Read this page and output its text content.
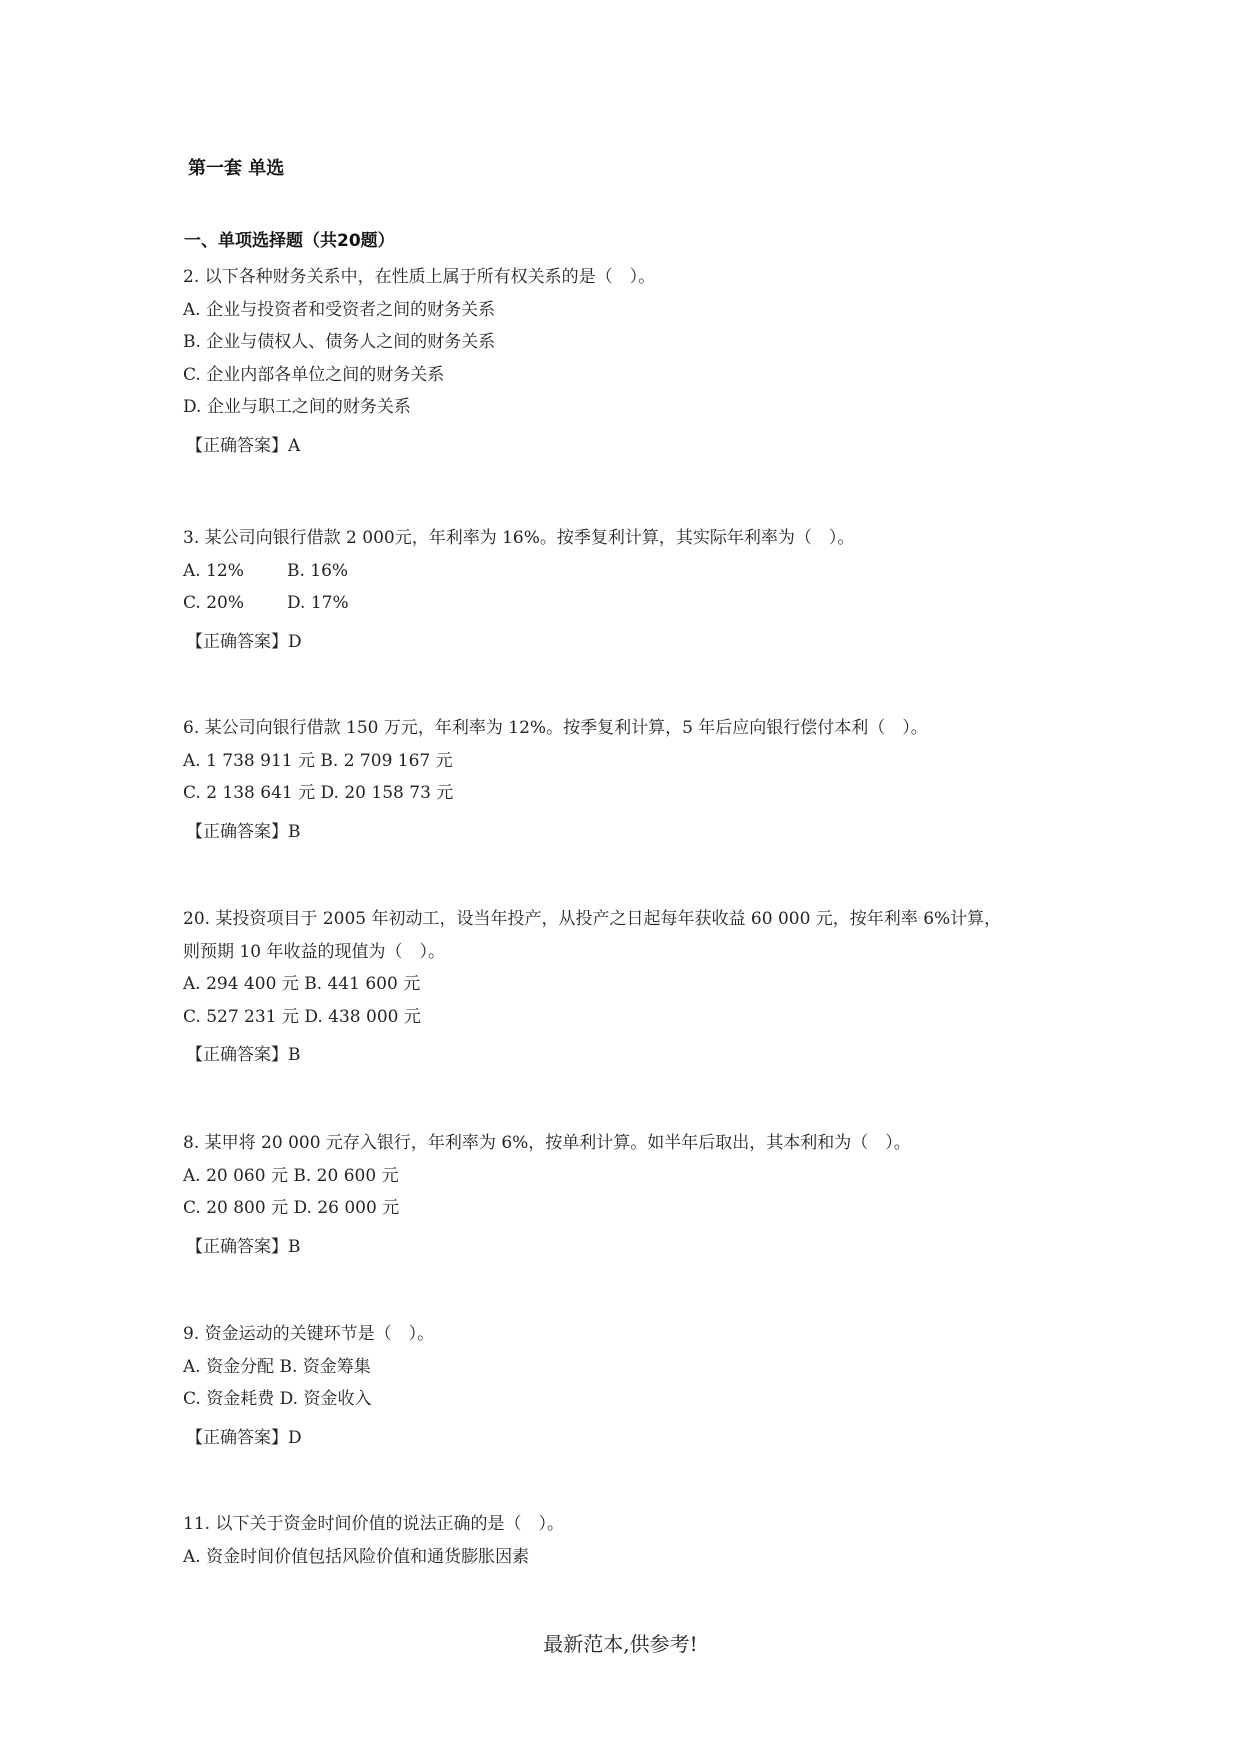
第一套 单选
一、单项选择题（共20题）
2. 以下各种财务关系中，在性质上属于所有权关系的是（　）。
A. 企业与投资者和受资者之间的财务关系
B. 企业与债权人、债务人之间的财务关系
C. 企业内部各单位之间的财务关系
D. 企业与职工之间的财务关系
【正确答案】A
3. 某公司向银行借款 2 000元，年利率为 16%。按季复利计算，其实际年利率为（　）。
A. 12%	B. 16%
C. 20%	D. 17%
【正确答案】D
6. 某公司向银行借款 150 万元，年利率为 12%。按季复利计算，5 年后应向银行偿付本利（　）。
A. 1 738 911 元 B. 2 709 167 元
C. 2 138 641 元 D. 20 158 73 元
【正确答案】B
20. 某投资项目于 2005 年初动工，设当年投产，从投产之日起每年获收益 60 000 元，按年利率 6%计算，
则预期 10 年收益的现值为（　）。
A. 294 400 元 B. 441 600 元
C. 527 231 元 D. 438 000 元
【正确答案】B
8. 某甲将 20 000 元存入银行，年利率为 6%，按单利计算。如半年后取出，其本利和为（　）。
A. 20 060 元 B. 20 600 元
C. 20 800 元 D. 26 000 元
【正确答案】B
9. 资金运动的关键环节是（　）。
A. 资金分配 B. 资金筹集
C. 资金耗费 D. 资金收入
【正确答案】D
11. 以下关于资金时间价值的说法正确的是（　）。
A. 资金时间价值包括风险价值和通货膨胀因素
最新范本,供参考!
